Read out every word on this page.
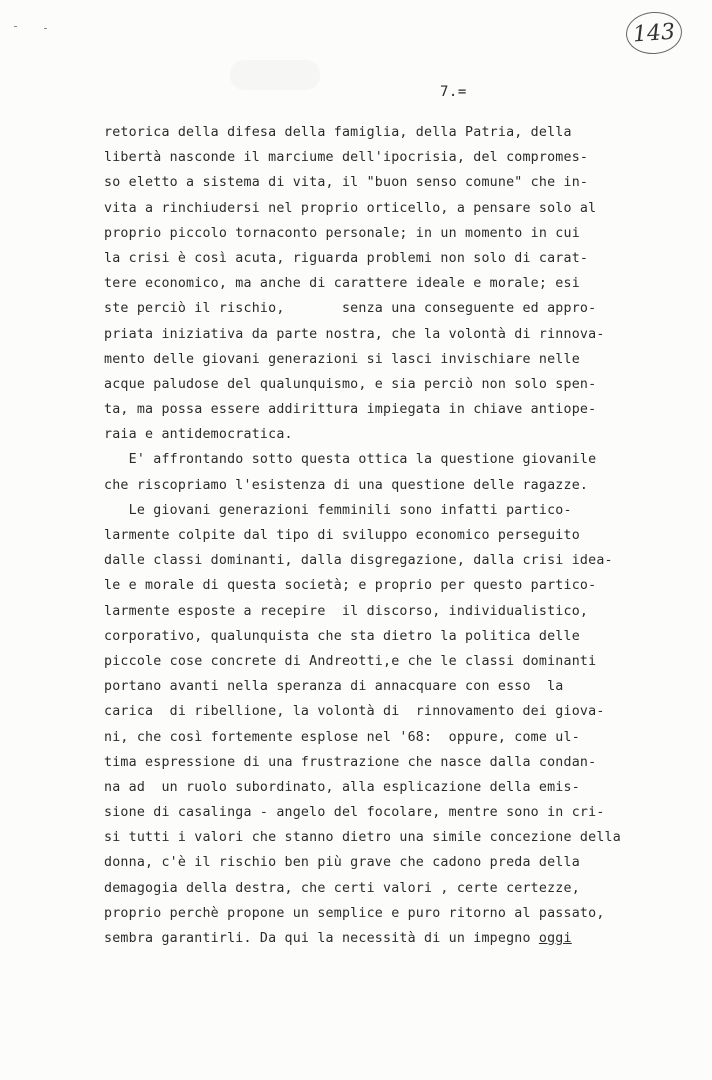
143
7.=
retorica della difesa della famiglia, della Patria, della
libertà nasconde il marciume dell'ipocrisia, del compromes-
so eletto a sistema di vita, il "buon senso comune" che in-
vita a rinchiudersi nel proprio orticello, a pensare solo al
proprio piccolo tornaconto personale; in un momento in cui
la crisi è così acuta, riguarda problemi non solo di carat-
tere economico, ma anche di carattere ideale e morale; esi
ste perciò il rischio,       senza una conseguente ed appro-
priata iniziativa da parte nostra, che la volontà di rinnova-
mento delle giovani generazioni si lasci invischiare nelle
acque paludose del qualunquismo, e sia perciò non solo spen-
ta, ma possa essere addirittura impiegata in chiave antiope-
raia e antidemocratica.
E' affrontando sotto questa ottica la questione giovanile
che riscopriamo l'esistenza di una questione delle ragazze.
Le giovani generazioni femminili sono infatti partico-
larmente colpite dal tipo di sviluppo economico perseguito
dalle classi dominanti, dalla disgregazione, dalla crisi idea-
le e morale di questa società; e proprio per questo partico-
larmente esposte a recepire  il discorso, individualistico,
corporativo, qualunquista che sta dietro la politica delle
piccole cose concrete di Andreotti,e che le classi dominanti
portano avanti nella speranza di annacquare con esso  la
carica  di ribellione, la volontà di  rinnovamento dei giova-
ni, che così fortemente esplose nel '68:  oppure, come ul-
tima espressione di una frustrazione che nasce dalla condan-
na ad  un ruolo subordinato, alla esplicazione della emis-
sione di casalinga - angelo del focolare, mentre sono in cri-
si tutti i valori che stanno dietro una simile concezione della
donna, c'è il rischio ben più grave che cadono preda della
demagogia della destra, che certi valori , certe certezze,
proprio perchè propone un semplice e puro ritorno al passato,
sembra garantirli. Da qui la necessità di un impegno oggi
